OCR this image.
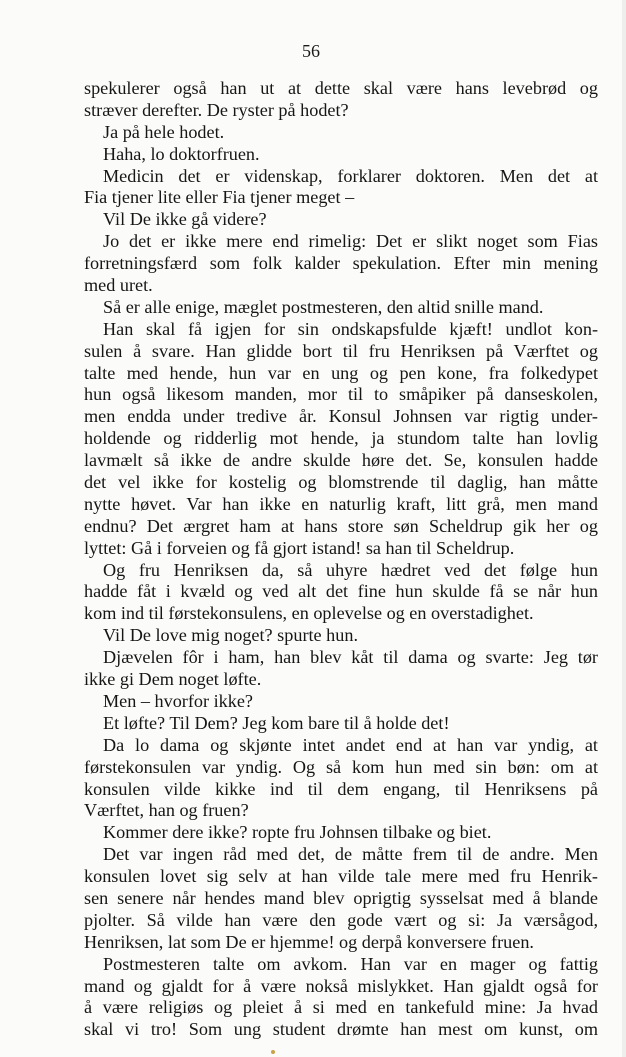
56
spekulerer også han ut at dette skal være hans levebrød og
stræver derefter. De ryster på hodet?
Ja på hele hodet.
Haha, lo doktorfruen.
Medicin det er videnskap, forklarer doktoren. Men det at
Fia tjener lite eller Fia tjener meget –
Vil De ikke gå videre?
Jo det er ikke mere end rimelig: Det er slikt noget som Fias
forretningsfærd som folk kalder spekulation. Efter min mening
med uret.
Så er alle enige, mæglet postmesteren, den altid snille mand.
Han skal få igjen for sin ondskapsfulde kjæft! undlot kon-
sulen å svare. Han glidde bort til fru Henriksen på Værftet og
talte med hende, hun var en ung og pen kone, fra folkedypet
hun også likesom manden, mor til to småpiker på danseskolen,
men endda under tredive år. Konsul Johnsen var rigtig under-
holdende og ridderlig mot hende, ja stundom talte han lovlig
lavmælt så ikke de andre skulde høre det. Se, konsulen hadde
det vel ikke for kostelig og blomstrende til daglig, han måtte
nytte høvet. Var han ikke en naturlig kraft, litt grå, men mand
endnu? Det ærgret ham at hans store søn Scheldrup gik her og
lyttet: Gå i forveien og få gjort istand! sa han til Scheldrup.
Og fru Henriksen da, så uhyre hædret ved det følge hun
hadde fåt i kvæld og ved alt det fine hun skulde få se når hun
kom ind til førstekonsulens, en oplevelse og en overstadighet.
Vil De love mig noget? spurte hun.
Djævelen fôr i ham, han blev kåt til dama og svarte: Jeg tør
ikke gi Dem noget løfte.
Men – hvorfor ikke?
Et løfte? Til Dem? Jeg kom bare til å holde det!
Da lo dama og skjønte intet andet end at han var yndig, at
førstekonsulen var yndig. Og så kom hun med sin bøn: om at
konsulen vilde kikke ind til dem engang, til Henriksens på
Værftet, han og fruen?
Kommer dere ikke? ropte fru Johnsen tilbake og biet.
Det var ingen råd med det, de måtte frem til de andre. Men
konsulen lovet sig selv at han vilde tale mere med fru Henrik-
sen senere når hendes mand blev oprigtig sysselsat med å blande
pjolter. Så vilde han være den gode vært og si: Ja værsågod,
Henriksen, lat som De er hjemme! og derpå konversere fruen.
Postmesteren talte om avkom. Han var en mager og fattig
mand og gjaldt for å være nokså mislykket. Han gjaldt også for
å være religiøs og pleiet å si med en tankefuld mine: Ja hvad
skal vi tro! Som ung student drømte han mest om kunst, om
